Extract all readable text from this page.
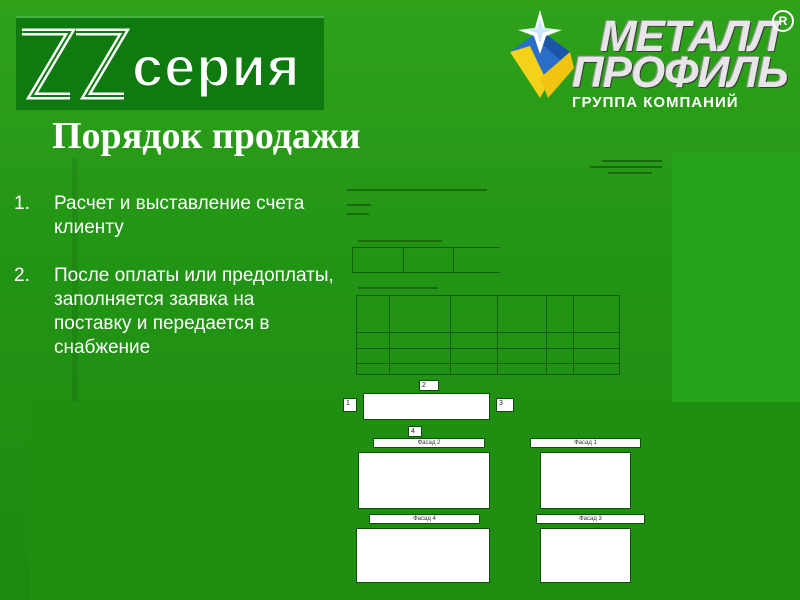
серия	МЕТАЛЛ
ПРОФИЛЬ
ГРУППА КОМПАНИЙ
R
Порядок продажи
1. Расчет и выставление счета клиенту
2. После оплаты или предоплаты, заполняется заявка на поставку и передается в снабжение

2
1	3
4
Фасад 2	Фасад 1
Фасад 4	Фасад 3
